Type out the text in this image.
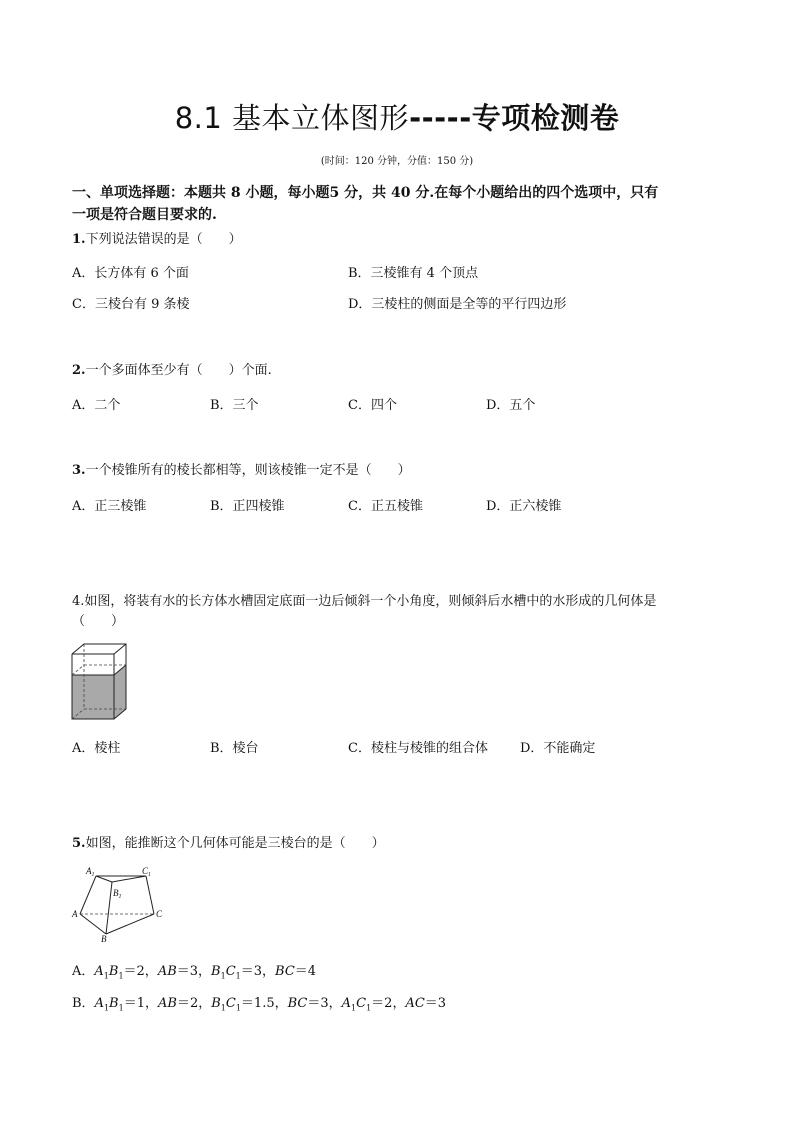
8.1 基本立体图形-----专项检测卷
(时间：120 分钟，分值：150 分)
一、单项选择题：本题共 8 小题，每小题5 分，共 40 分.在每个小题给出的四个选项中，只有
一项是符合题目要求的.
1.下列说法错误的是（　　）
A．长方体有 6 个面	B．三棱锥有 4 个顶点
C．三棱台有 9 条棱	D．三棱柱的侧面是全等的平行四边形
2.一个多面体至少有（　　）个面.
A．二个	B．三个	C．四个	D．五个
3.一个棱锥所有的棱长都相等，则该棱锥一定不是（　　）
A．正三棱锥	B．正四棱锥	C．正五棱锥	D．正六棱锥
4.如图，将装有水的长方体水槽固定底面一边后倾斜一个小角度，则倾斜后水槽中的水形成的几何体是
（　　）
A．棱柱	B．棱台	C．棱柱与棱锥的组合体 D．不能确定
5.如图，能推断这个几何体可能是三棱台的是（　　）
$A_1$	$C_1$
$B_1$
A	C
B
A．$A_1B_1=2$，AB＝3，$B_1C_1=3$，BC＝4
B．$A_1B_1=1$，AB＝2，$B_1C_1=1.5$，BC＝3，$A_1C_1=2$，AC＝3
